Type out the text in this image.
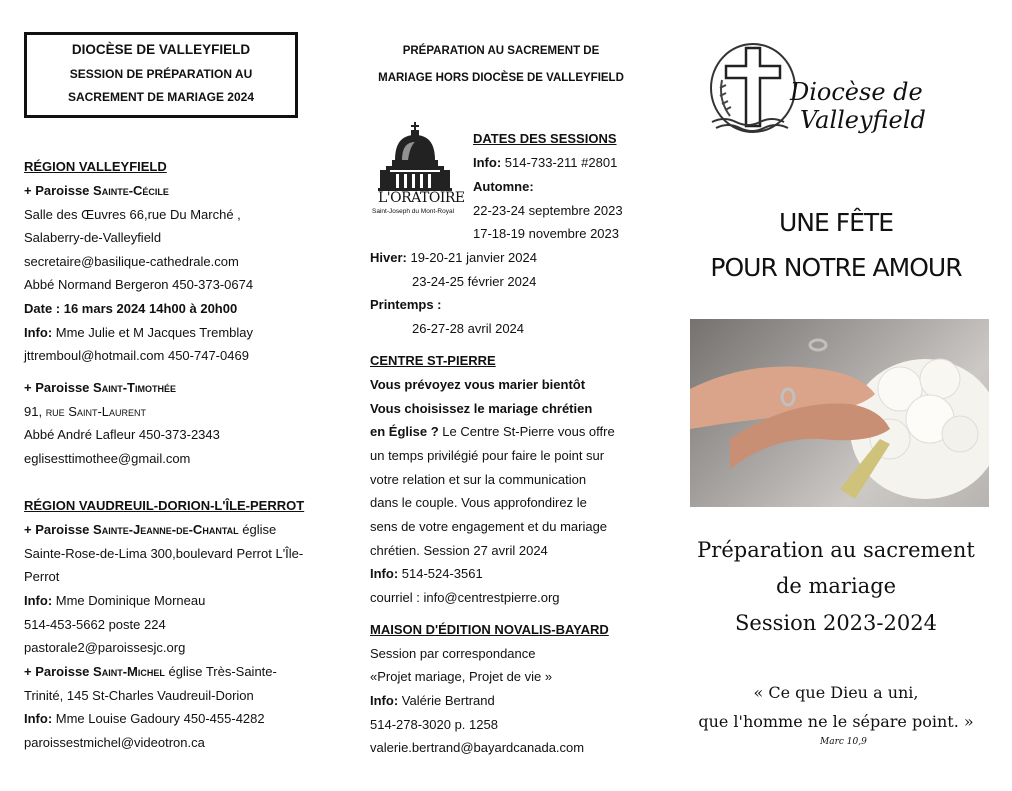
DIOCÈSE DE VALLEYFIELD
SESSION DE PRÉPARATION AU
SACREMENT DE MARIAGE 2024
RÉGION VALLEYFIELD
+ Paroisse Sainte-Cécile
Salle des Œuvres 66,rue Du Marché ,
Salaberry-de-Valleyfield
secretaire@basilique-cathedrale.com
Abbé Normand Bergeron 450-373-0674
Date : 16 mars 2024 14h00 à 20h00
Info: Mme Julie et M Jacques Tremblay
jttremboul@hotmail.com 450-747-0469
+ Paroisse Saint-Timothée
91, rue Saint-Laurent
Abbé André Lafleur 450-373-2343
eglisesttimothee@gmail.com
RÉGION VAUDREUIL-DORION-L'ÎLE-PERROT
+ Paroisse Sainte-Jeanne-de-Chantal église
Sainte-Rose-de-Lima 300,boulevard Perrot L'Île-
Perrot
Info: Mme Dominique Morneau
514-453-5662 poste 224
pastorale2@paroissesjc.org
+ Paroisse Saint-Michel église Très-Sainte-
Trinité, 145 St-Charles Vaudreuil-Dorion
Info: Mme Louise Gadoury 450-455-4282
paroissestmichel@videotron.ca
PRÉPARATION AU SACREMENT DE
MARIAGE HORS DIOCÈSE DE VALLEYFIELD
L'ORATOIRE
Saint-Joseph du Mont-Royal
DATES DES SESSIONS
Info: 514-733-211 #2801
Automne:
22-23-24 septembre 2023
17-18-19 novembre 2023
Hiver: 19-20-21 janvier 2024
23-24-25 février 2024
Printemps :
26-27-28 avril 2024
CENTRE ST-PIERRE
Vous prévoyez vous marier bientôt
Vous choisissez le mariage chrétien
en Église ? Le Centre St-Pierre vous offre
un temps privilégié pour faire le point sur
votre relation et sur la communication
dans le couple. Vous approfondirez le
sens de votre engagement et du mariage
chrétien. Session 27 avril 2024
Info: 514-524-3561
courriel : info@centrestpierre.org
MAISON D'ÉDITION NOVALIS-BAYARD
Session par correspondance
«Projet mariage, Projet de vie »
Info: Valérie Bertrand
514-278-3020 p. 1258
valerie.bertrand@bayardcanada.com
Diocèse de
Valleyfield
UNE FÊTE
POUR NOTRE AMOUR
Préparation au sacrement
de mariage
Session 2023-2024
« Ce que Dieu a uni,
que l'homme ne le sépare point. »
Marc 10,9
